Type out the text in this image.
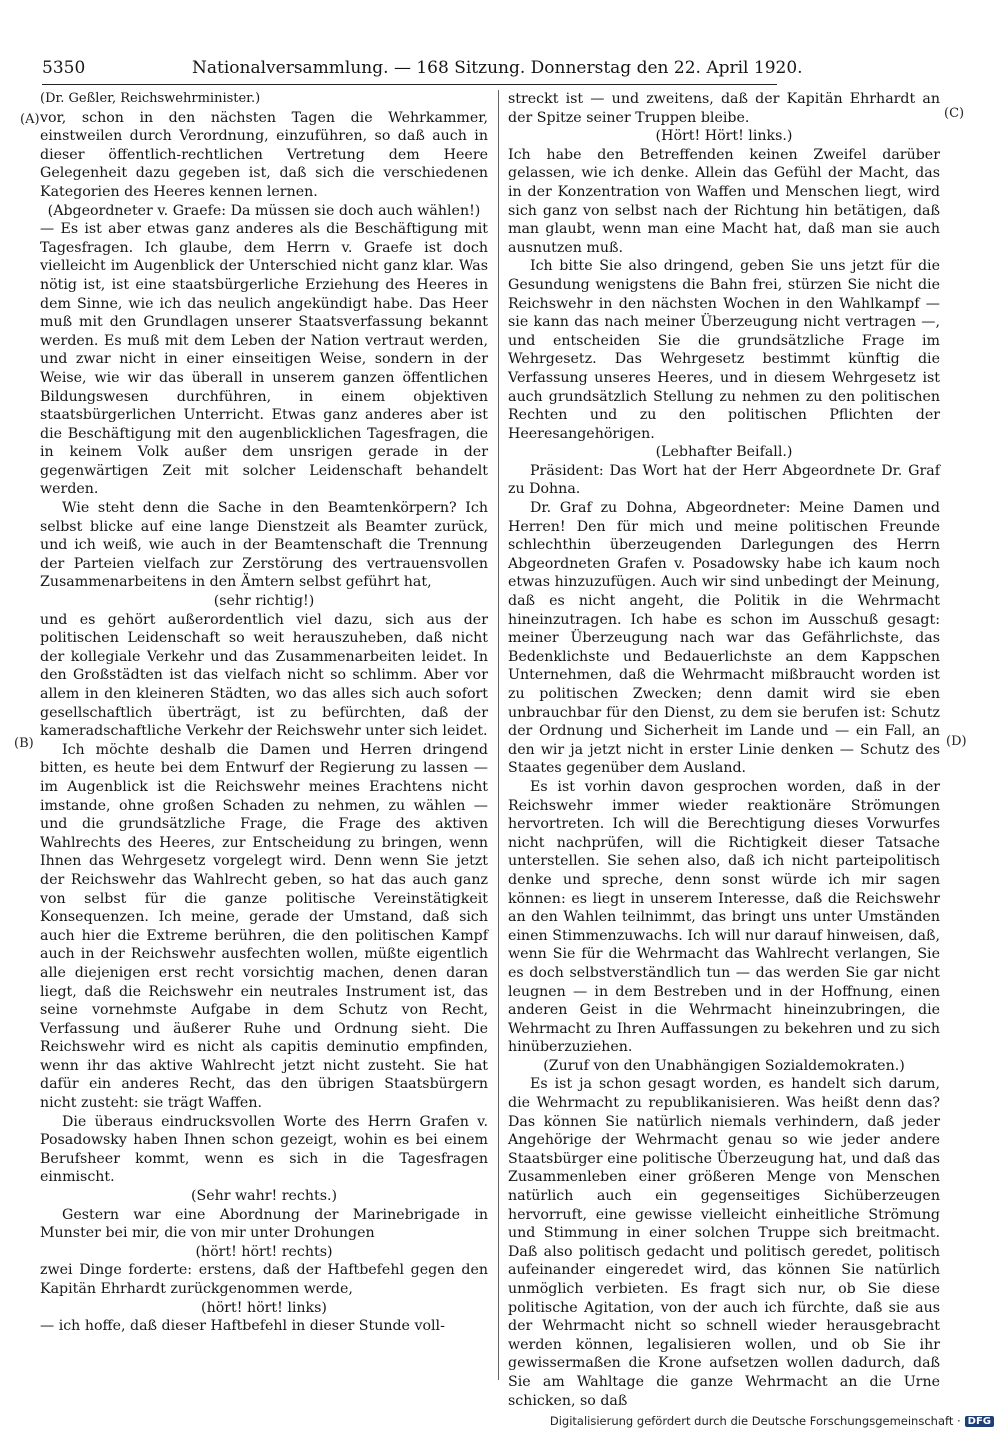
5350	Nationalversammlung. — 168 Sitzung. Donnerstag den 22. April 1920.
(A)
(B)
(C)
(D)

(Dr. Geßler, Reichswehrminister.)

vor, schon in den nächsten Tagen die Wehrkammer, einstweilen durch Verordnung, einzuführen, so daß auch in dieser öffentlich-rechtlichen Vertretung dem Heere Gelegenheit dazu gegeben ist, daß sich die verschiedenen Kategorien des Heeres kennen lernen.

(Abgeordneter v. Graefe: Da müssen sie doch auch wählen!)

— Es ist aber etwas ganz anderes als die Beschäftigung mit Tagesfragen. Ich glaube, dem Herrn v. Graefe ist doch vielleicht im Augenblick der Unterschied nicht ganz klar. Was nötig ist, ist eine staatsbürgerliche Erziehung des Heeres in dem Sinne, wie ich das neulich angekündigt habe. Das Heer muß mit den Grundlagen unserer Staatsverfassung bekannt werden. Es muß mit dem Leben der Nation vertraut werden, und zwar nicht in einer einseitigen Weise, sondern in der Weise, wie wir das überall in unserem ganzen öffentlichen Bildungswesen durchführen, in einem objektiven staatsbürgerlichen Unterricht. Etwas ganz anderes aber ist die Beschäftigung mit den augenblicklichen Tagesfragen, die in keinem Volk außer dem unsrigen gerade in der gegenwärtigen Zeit mit solcher Leidenschaft behandelt werden.

Wie steht denn die Sache in den Beamtenkörpern? Ich selbst blicke auf eine lange Dienstzeit als Beamter zurück, und ich weiß, wie auch in der Beamtenschaft die Trennung der Parteien vielfach zur Zerstörung des vertrauensvollen Zusammenarbeitens in den Ämtern selbst geführt hat,

(sehr richtig!)

und es gehört außerordentlich viel dazu, sich aus der politischen Leidenschaft so weit herauszuheben, daß nicht der kollegiale Verkehr und das Zusammenarbeiten leidet. In den Großstädten ist das vielfach nicht so schlimm. Aber vor allem in den kleineren Städten, wo das alles sich auch sofort gesellschaftlich überträgt, ist zu befürchten, daß der kameradschaftliche Verkehr der Reichswehr unter sich leidet.

Ich möchte deshalb die Damen und Herren dringend bitten, es heute bei dem Entwurf der Regierung zu lassen — im Augenblick ist die Reichswehr meines Erachtens nicht imstande, ohne großen Schaden zu nehmen, zu wählen — und die grundsätzliche Frage, die Frage des aktiven Wahlrechts des Heeres, zur Entscheidung zu bringen, wenn Ihnen das Wehrgesetz vorgelegt wird. Denn wenn Sie jetzt der Reichswehr das Wahlrecht geben, so hat das auch ganz von selbst für die ganze politische Vereinstätigkeit Konsequenzen. Ich meine, gerade der Umstand, daß sich auch hier die Extreme berühren, die den politischen Kampf auch in der Reichswehr ausfechten wollen, müßte eigentlich alle diejenigen erst recht vorsichtig machen, denen daran liegt, daß die Reichswehr ein neutrales Instrument ist, das seine vornehmste Aufgabe in dem Schutz von Recht, Verfassung und äußerer Ruhe und Ordnung sieht. Die Reichswehr wird es nicht als capitis deminutio empfinden, wenn ihr das aktive Wahlrecht jetzt nicht zusteht. Sie hat dafür ein anderes Recht, das den übrigen Staatsbürgern nicht zusteht: sie trägt Waffen.

Die überaus eindrucksvollen Worte des Herrn Grafen v. Posadowsky haben Ihnen schon gezeigt, wohin es bei einem Berufsheer kommt, wenn es sich in die Tagesfragen einmischt.

(Sehr wahr! rechts.)

Gestern war eine Abordnung der Marinebrigade in Munster bei mir, die von mir unter Drohungen

(hört! hört! rechts)

zwei Dinge forderte: erstens, daß der Haftbefehl gegen den Kapitän Ehrhardt zurückgenommen werde,

(hört! hört! links)

— ich hoffe, daß dieser Haftbefehl in dieser Stunde voll-

streckt ist — und zweitens, daß der Kapitän Ehrhardt an der Spitze seiner Truppen bleibe.

(Hört! Hört! links.)

Ich habe den Betreffenden keinen Zweifel darüber gelassen, wie ich denke. Allein das Gefühl der Macht, das in der Konzentration von Waffen und Menschen liegt, wird sich ganz von selbst nach der Richtung hin betätigen, daß man glaubt, wenn man eine Macht hat, daß man sie auch ausnutzen muß.

Ich bitte Sie also dringend, geben Sie uns jetzt für die Gesundung wenigstens die Bahn frei, stürzen Sie nicht die Reichswehr in den nächsten Wochen in den Wahlkampf — sie kann das nach meiner Überzeugung nicht vertragen —, und entscheiden Sie die grundsätzliche Frage im Wehrgesetz. Das Wehrgesetz bestimmt künftig die Verfassung unseres Heeres, und in diesem Wehrgesetz ist auch grundsätzlich Stellung zu nehmen zu den politischen Rechten und zu den politischen Pflichten der Heeresangehörigen.

(Lebhafter Beifall.)

Präsident: Das Wort hat der Herr Abgeordnete Dr. Graf zu Dohna.

Dr. Graf zu Dohna, Abgeordneter: Meine Damen und Herren! Den für mich und meine politischen Freunde schlechthin überzeugenden Darlegungen des Herrn Abgeordneten Grafen v. Posadowsky habe ich kaum noch etwas hinzuzufügen. Auch wir sind unbedingt der Meinung, daß es nicht angeht, die Politik in die Wehrmacht hineinzutragen. Ich habe es schon im Ausschuß gesagt: meiner Überzeugung nach war das Gefährlichste, das Bedenklichste und Bedauerlichste an dem Kappschen Unternehmen, daß die Wehrmacht mißbraucht worden ist zu politischen Zwecken; denn damit wird sie eben unbrauchbar für den Dienst, zu dem sie berufen ist: Schutz der Ordnung und Sicherheit im Lande und — ein Fall, an den wir ja jetzt nicht in erster Linie denken — Schutz des Staates gegenüber dem Ausland.

Es ist vorhin davon gesprochen worden, daß in der Reichswehr immer wieder reaktionäre Strömungen hervortreten. Ich will die Berechtigung dieses Vorwurfes nicht nachprüfen, will die Richtigkeit dieser Tatsache unterstellen. Sie sehen also, daß ich nicht parteipolitisch denke und spreche, denn sonst würde ich mir sagen können: es liegt in unserem Interesse, daß die Reichswehr an den Wahlen teilnimmt, das bringt uns unter Umständen einen Stimmenzuwachs. Ich will nur darauf hinweisen, daß, wenn Sie für die Wehrmacht das Wahlrecht verlangen, Sie es doch selbstverständlich tun — das werden Sie gar nicht leugnen — in dem Bestreben und in der Hoffnung, einen anderen Geist in die Wehrmacht hineinzubringen, die Wehrmacht zu Ihren Auffassungen zu bekehren und zu sich hinüberzuziehen.

(Zuruf von den Unabhängigen Sozialdemokraten.)

Es ist ja schon gesagt worden, es handelt sich darum, die Wehrmacht zu republikanisieren. Was heißt denn das? Das können Sie natürlich niemals verhindern, daß jeder Angehörige der Wehrmacht genau so wie jeder andere Staatsbürger eine politische Überzeugung hat, und daß das Zusammenleben einer größeren Menge von Menschen natürlich auch ein gegenseitiges Sichüberzeugen hervorruft, eine gewisse vielleicht einheitliche Strömung und Stimmung in einer solchen Truppe sich breitmacht. Daß also politisch gedacht und politisch geredet, politisch aufeinander eingeredet wird, das können Sie natürlich unmöglich verbieten. Es fragt sich nur, ob Sie diese politische Agitation, von der auch ich fürchte, daß sie aus der Wehrmacht nicht so schnell wieder herausgebracht werden können, legalisieren wollen, und ob Sie ihr gewissermaßen die Krone aufsetzen wollen dadurch, daß Sie am Wahltage die ganze Wehrmacht an die Urne schicken, so daß

Digitalisierung gefördert durch die Deutsche Forschungsgemeinschaft · DFG
